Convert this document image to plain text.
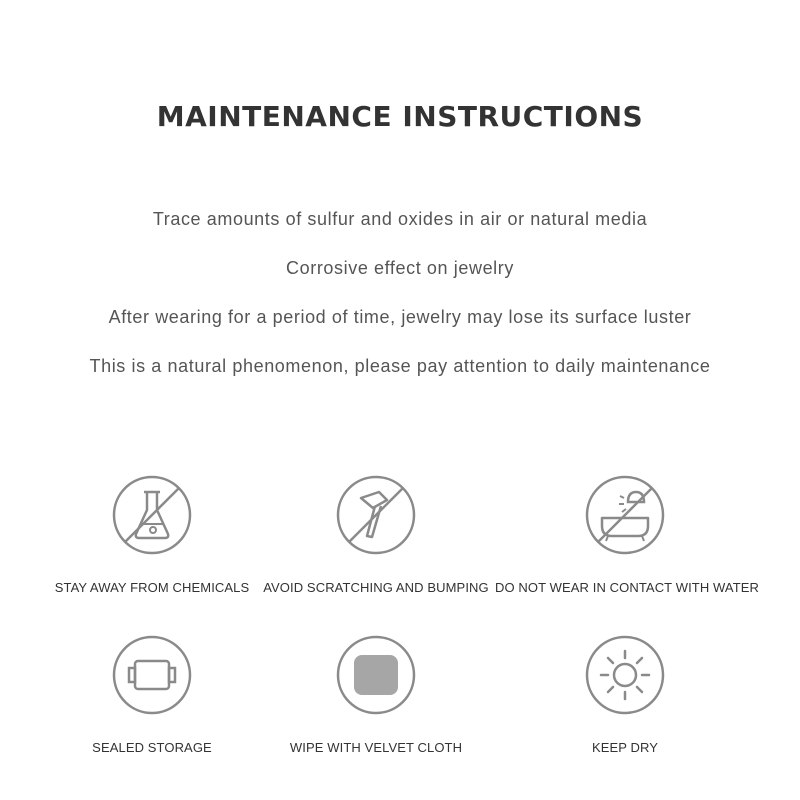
MAINTENANCE INSTRUCTIONS
Trace amounts of sulfur and oxides in air or natural media
Corrosive effect on jewelry
After wearing for a period of time, jewelry may lose its surface luster
This is a natural phenomenon, please pay attention to daily maintenance
STAY AWAY FROM CHEMICALS	AVOID SCRATCHING AND BUMPING DO NOT WEAR IN CONTACT WITH WATER
SEALED STORAGE	WIPE WITH VELVET CLOTH	KEEP DRY
